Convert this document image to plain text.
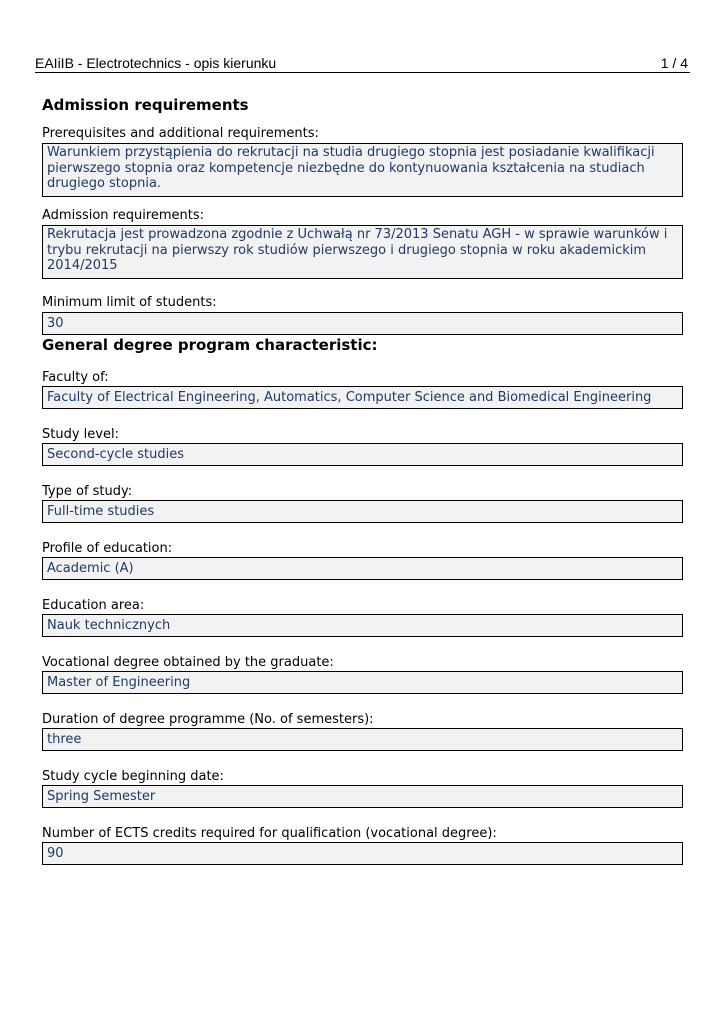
EAIiIB - Electrotechnics - opis kierunku	1 / 4
Admission requirements
Prerequisites and additional requirements:
Warunkiem przystąpienia do rekrutacji na studia drugiego stopnia jest posiadanie kwalifikacji pierwszego stopnia oraz kompetencje niezbędne do kontynuowania kształcenia na studiach drugiego stopnia.
Admission requirements:
Rekrutacja jest prowadzona zgodnie z Uchwałą nr 73/2013 Senatu AGH - w sprawie warunków i trybu rekrutacji na pierwszy rok studiów pierwszego i drugiego stopnia w roku akademickim 2014/2015
Minimum limit of students:
30
General degree program characteristic:
Faculty of:
Faculty of Electrical Engineering, Automatics, Computer Science and Biomedical Engineering
Study level:
Second-cycle studies
Type of study:
Full-time studies
Profile of education:
Academic (A)
Education area:
Nauk technicznych
Vocational degree obtained by the graduate:
Master of Engineering
Duration of degree programme (No. of semesters):
three
Study cycle beginning date:
Spring Semester
Number of ECTS credits required for qualification (vocational degree):
90
